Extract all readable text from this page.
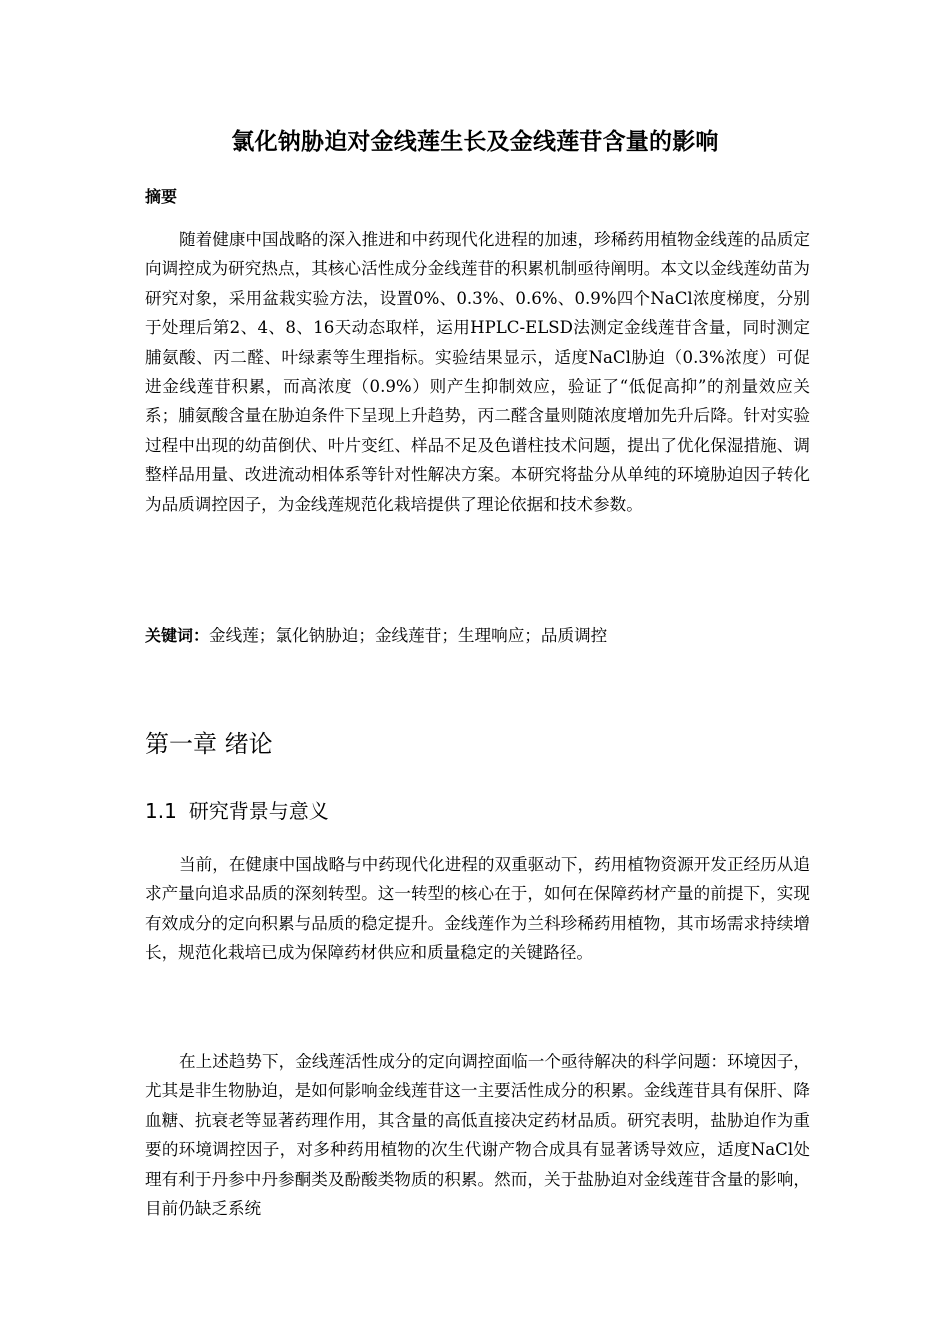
氯化钠胁迫对金线莲生长及金线莲苷含量的影响
摘要

随着健康中国战略的深入推进和中药现代化进程的加速，珍稀药用植物金线莲的品质定向调控成为研究热点，其核心活性成分金线莲苷的积累机制亟待阐明。本文以金线莲幼苗为研究对象，采用盆栽实验方法，设置0%、0.3%、0.6%、0.9%四个NaCl浓度梯度，分别于处理后第2、4、8、16天动态取样，运用HPLC-ELSD法测定金线莲苷含量，同时测定脯氨酸、丙二醛、叶绿素等生理指标。实验结果显示，适度NaCl胁迫（0.3%浓度）可促进金线莲苷积累，而高浓度（0.9%）则产生抑制效应，验证了“低促高抑”的剂量效应关系；脯氨酸含量在胁迫条件下呈现上升趋势，丙二醛含量则随浓度增加先升后降。针对实验过程中出现的幼苗倒伏、叶片变红、样品不足及色谱柱技术问题，提出了优化保湿措施、调整样品用量、改进流动相体系等针对性解决方案。本研究将盐分从单纯的环境胁迫因子转化为品质调控因子，为金线莲规范化栽培提供了理论依据和技术参数。

关键词：金线莲；氯化钠胁迫；金线莲苷；生理响应；品质调控
第一章 绪论
1.1 研究背景与意义

当前，在健康中国战略与中药现代化进程的双重驱动下，药用植物资源开发正经历从追求产量向追求品质的深刻转型。这一转型的核心在于，如何在保障药材产量的前提下，实现有效成分的定向积累与品质的稳定提升。金线莲作为兰科珍稀药用植物，其市场需求持续增长，规范化栽培已成为保障药材供应和质量稳定的关键路径。

在上述趋势下，金线莲活性成分的定向调控面临一个亟待解决的科学问题：环境因子，尤其是非生物胁迫，是如何影响金线莲苷这一主要活性成分的积累。金线莲苷具有保肝、降血糖、抗衰老等显著药理作用，其含量的高低直接决定药材品质。研究表明，盐胁迫作为重要的环境调控因子，对多种药用植物的次生代谢产物合成具有显著诱导效应，适度NaCl处理有利于丹参中丹参酮类及酚酸类物质的积累。然而，关于盐胁迫对金线莲苷含量的影响，目前仍缺乏系统
